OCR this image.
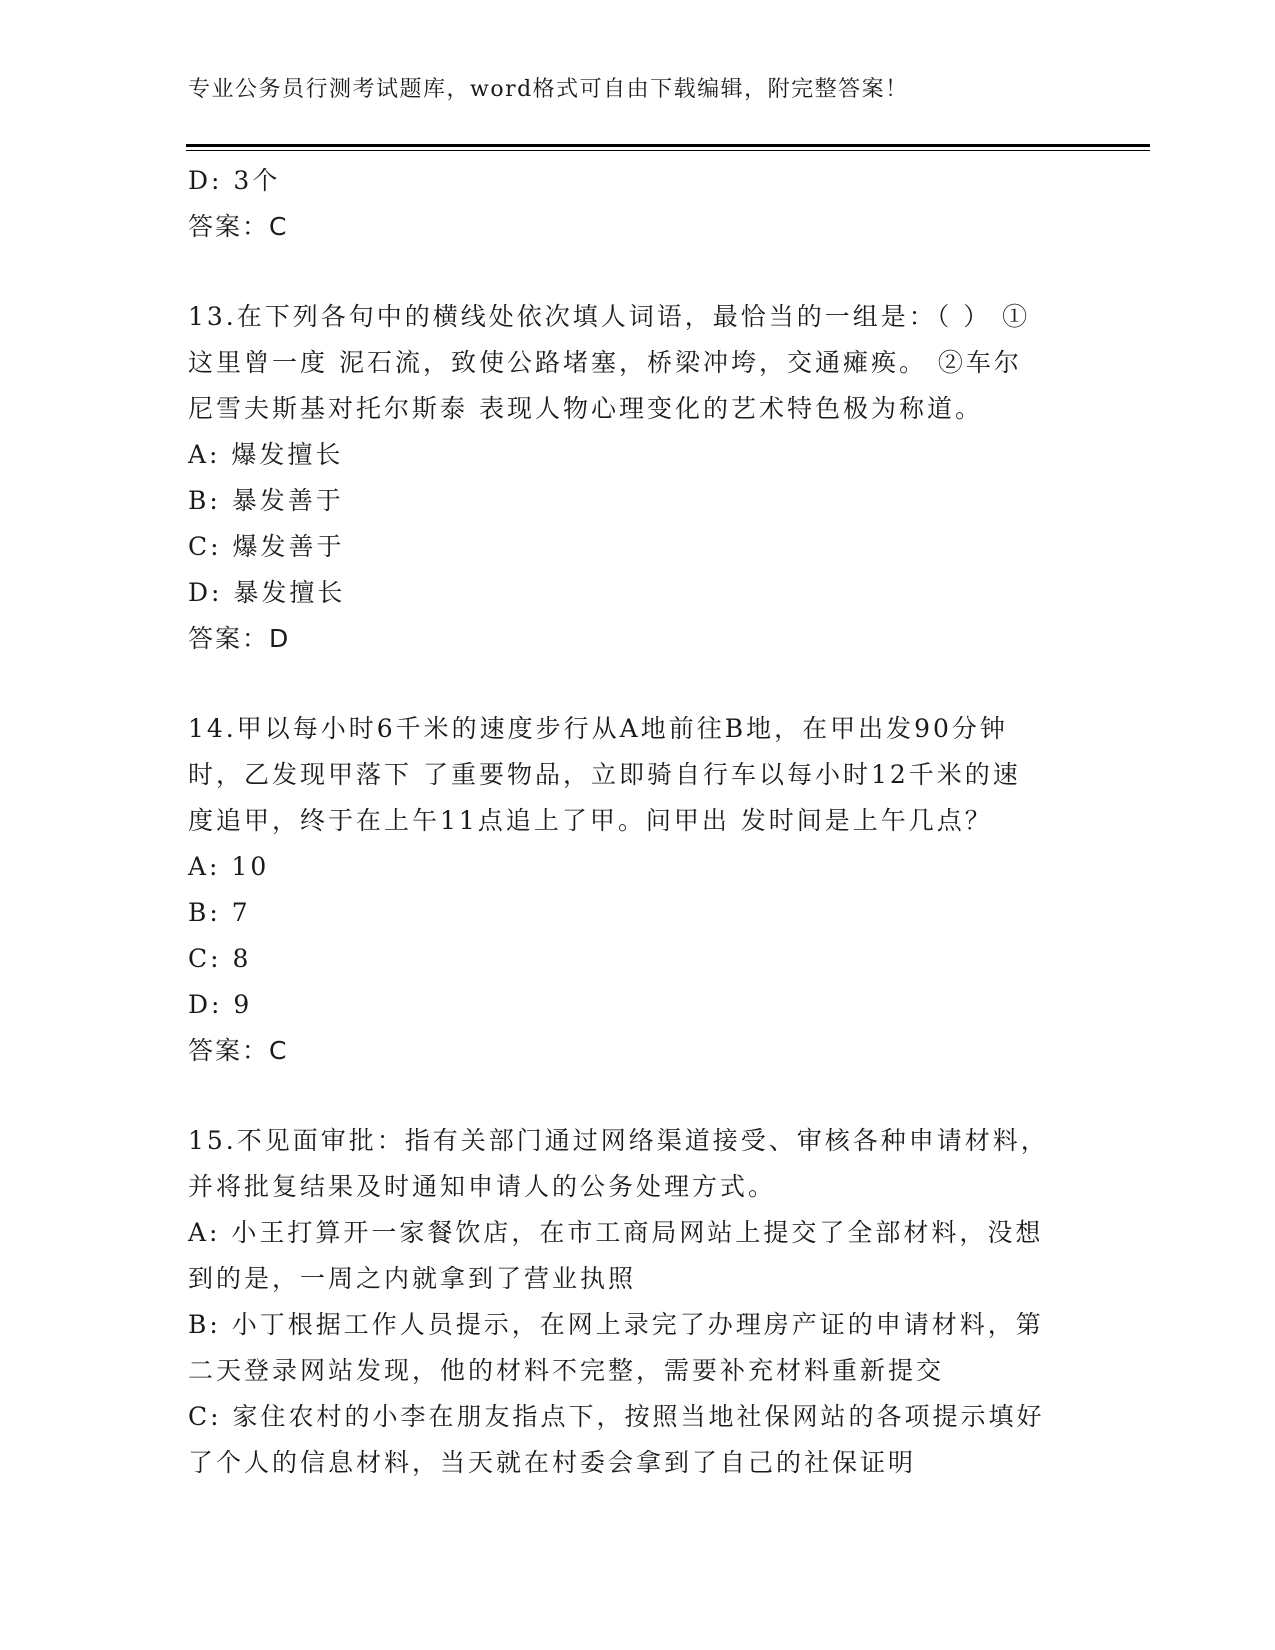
专业公务员行测考试题库，word格式可自由下载编辑，附完整答案！
D: 3个
答案：C
13.在下列各句中的横线处依次填人词语，最恰当的一组是：（ ） ①
这里曾一度 泥石流，致使公路堵塞，桥梁冲垮，交通瘫痪。 ②车尔
尼雪夫斯基对托尔斯泰 表现人物心理变化的艺术特色极为称道。
A: 爆发擅长
B: 暴发善于
C: 爆发善于
D: 暴发擅长
答案：D
14.甲以每小时6千米的速度步行从A地前往B地，在甲出发90分钟
时，乙发现甲落下 了重要物品，立即骑自行车以每小时12千米的速
度追甲，终于在上午11点追上了甲。问甲出 发时间是上午几点？
A: 10
B: 7
C: 8
D: 9
答案：C
15.不见面审批：指有关部门通过网络渠道接受、审核各种申请材料，
并将批复结果及时通知申请人的公务处理方式。
A: 小王打算开一家餐饮店，在市工商局网站上提交了全部材料，没想
到的是，一周之内就拿到了营业执照
B: 小丁根据工作人员提示，在网上录完了办理房产证的申请材料，第
二天登录网站发现，他的材料不完整，需要补充材料重新提交
C: 家住农村的小李在朋友指点下，按照当地社保网站的各项提示填好
了个人的信息材料，当天就在村委会拿到了自己的社保证明
